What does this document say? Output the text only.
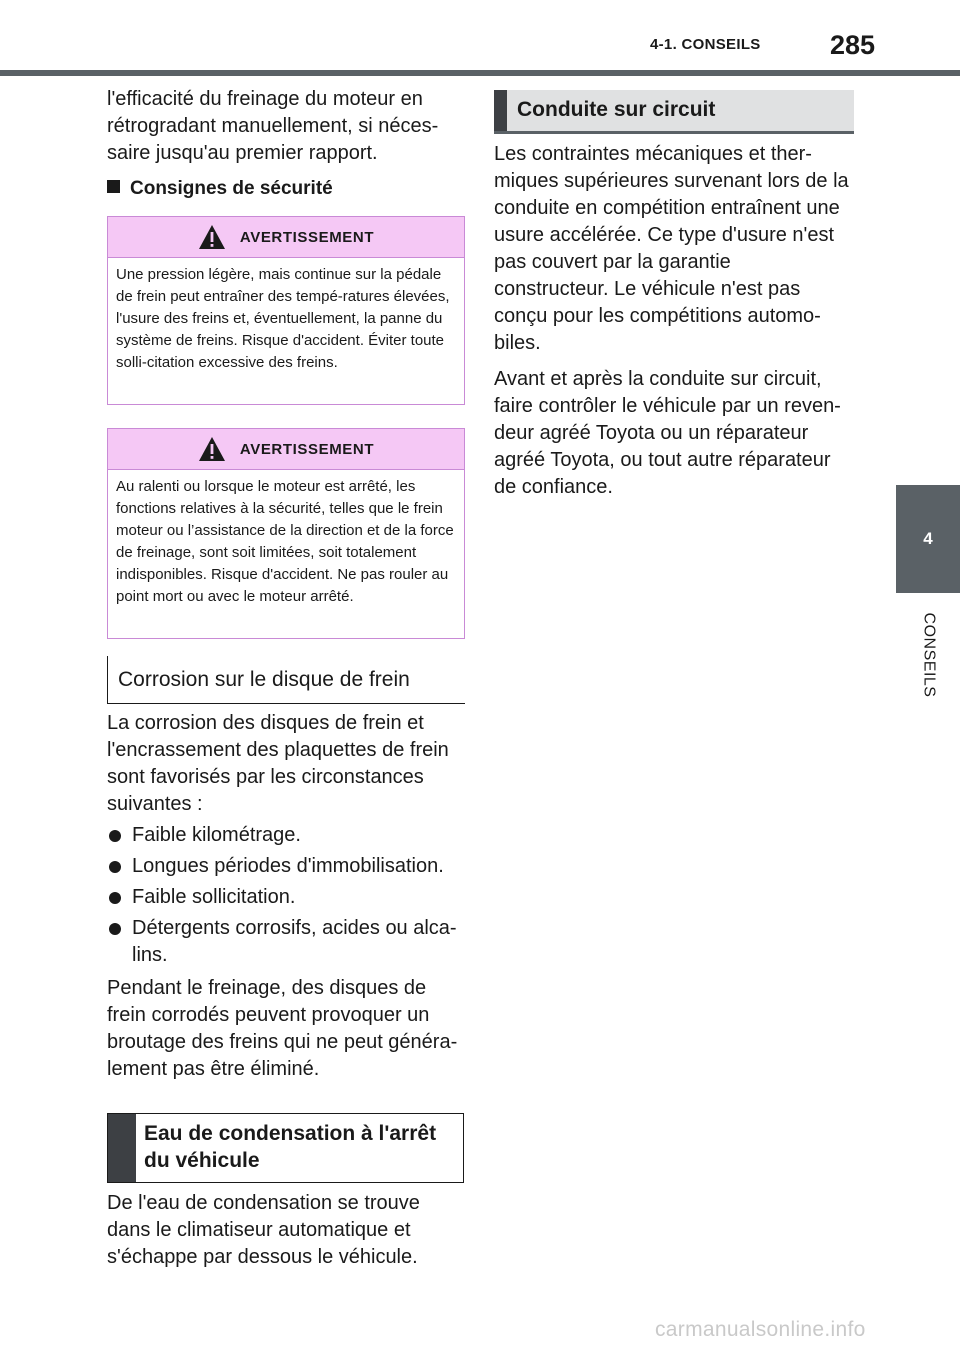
4-1. CONSEILS	285
4
CONSEILS

l'efficacité du freinage du moteur en rétrogradant manuellement, si néces-saire jusqu'au premier rapport.

Consignes de sécurité
AVERTISSEMENT
Une pression légère, mais continue sur la pédale de frein peut entraîner des tempé-ratures élevées, l'usure des freins et, éventuellement, la panne du système de freins. Risque d'accident. Éviter toute solli-citation excessive des freins.
AVERTISSEMENT
Au ralenti ou lorsque le moteur est arrêté, les fonctions relatives à la sécurité, telles que le frein moteur ou l’assistance de la direction et de la force de freinage, sont soit limitées, soit totalement indisponibles. Risque d'accident. Ne pas rouler au point mort ou avec le moteur arrêté.
Corrosion sur le disque de frein

La corrosion des disques de frein et l'encrassement des plaquettes de frein sont favorisés par les circonstances suivantes :

Faible kilométrage.
Longues périodes d'immobilisation.
Faible sollicitation.
Détergents corrosifs, acides ou alca-lins.

Pendant le freinage, des disques de frein corrodés peuvent provoquer un broutage des freins qui ne peut généra-lement pas être éliminé.

Eau de condensation à l'arrêt du véhicule

De l'eau de condensation se trouve dans le climatiseur automatique et s'échappe par dessous le véhicule.

Conduite sur circuit

Les contraintes mécaniques et ther-miques supérieures survenant lors de la conduite en compétition entraînent une usure accélérée. Ce type d'usure n'est pas couvert par la garantie constructeur. Le véhicule n'est pas conçu pour les compétitions automo-biles.

Avant et après la conduite sur circuit, faire contrôler le véhicule par un reven-deur agréé Toyota ou un réparateur agréé Toyota, ou tout autre réparateur de confiance.

carmanualsonline.info
